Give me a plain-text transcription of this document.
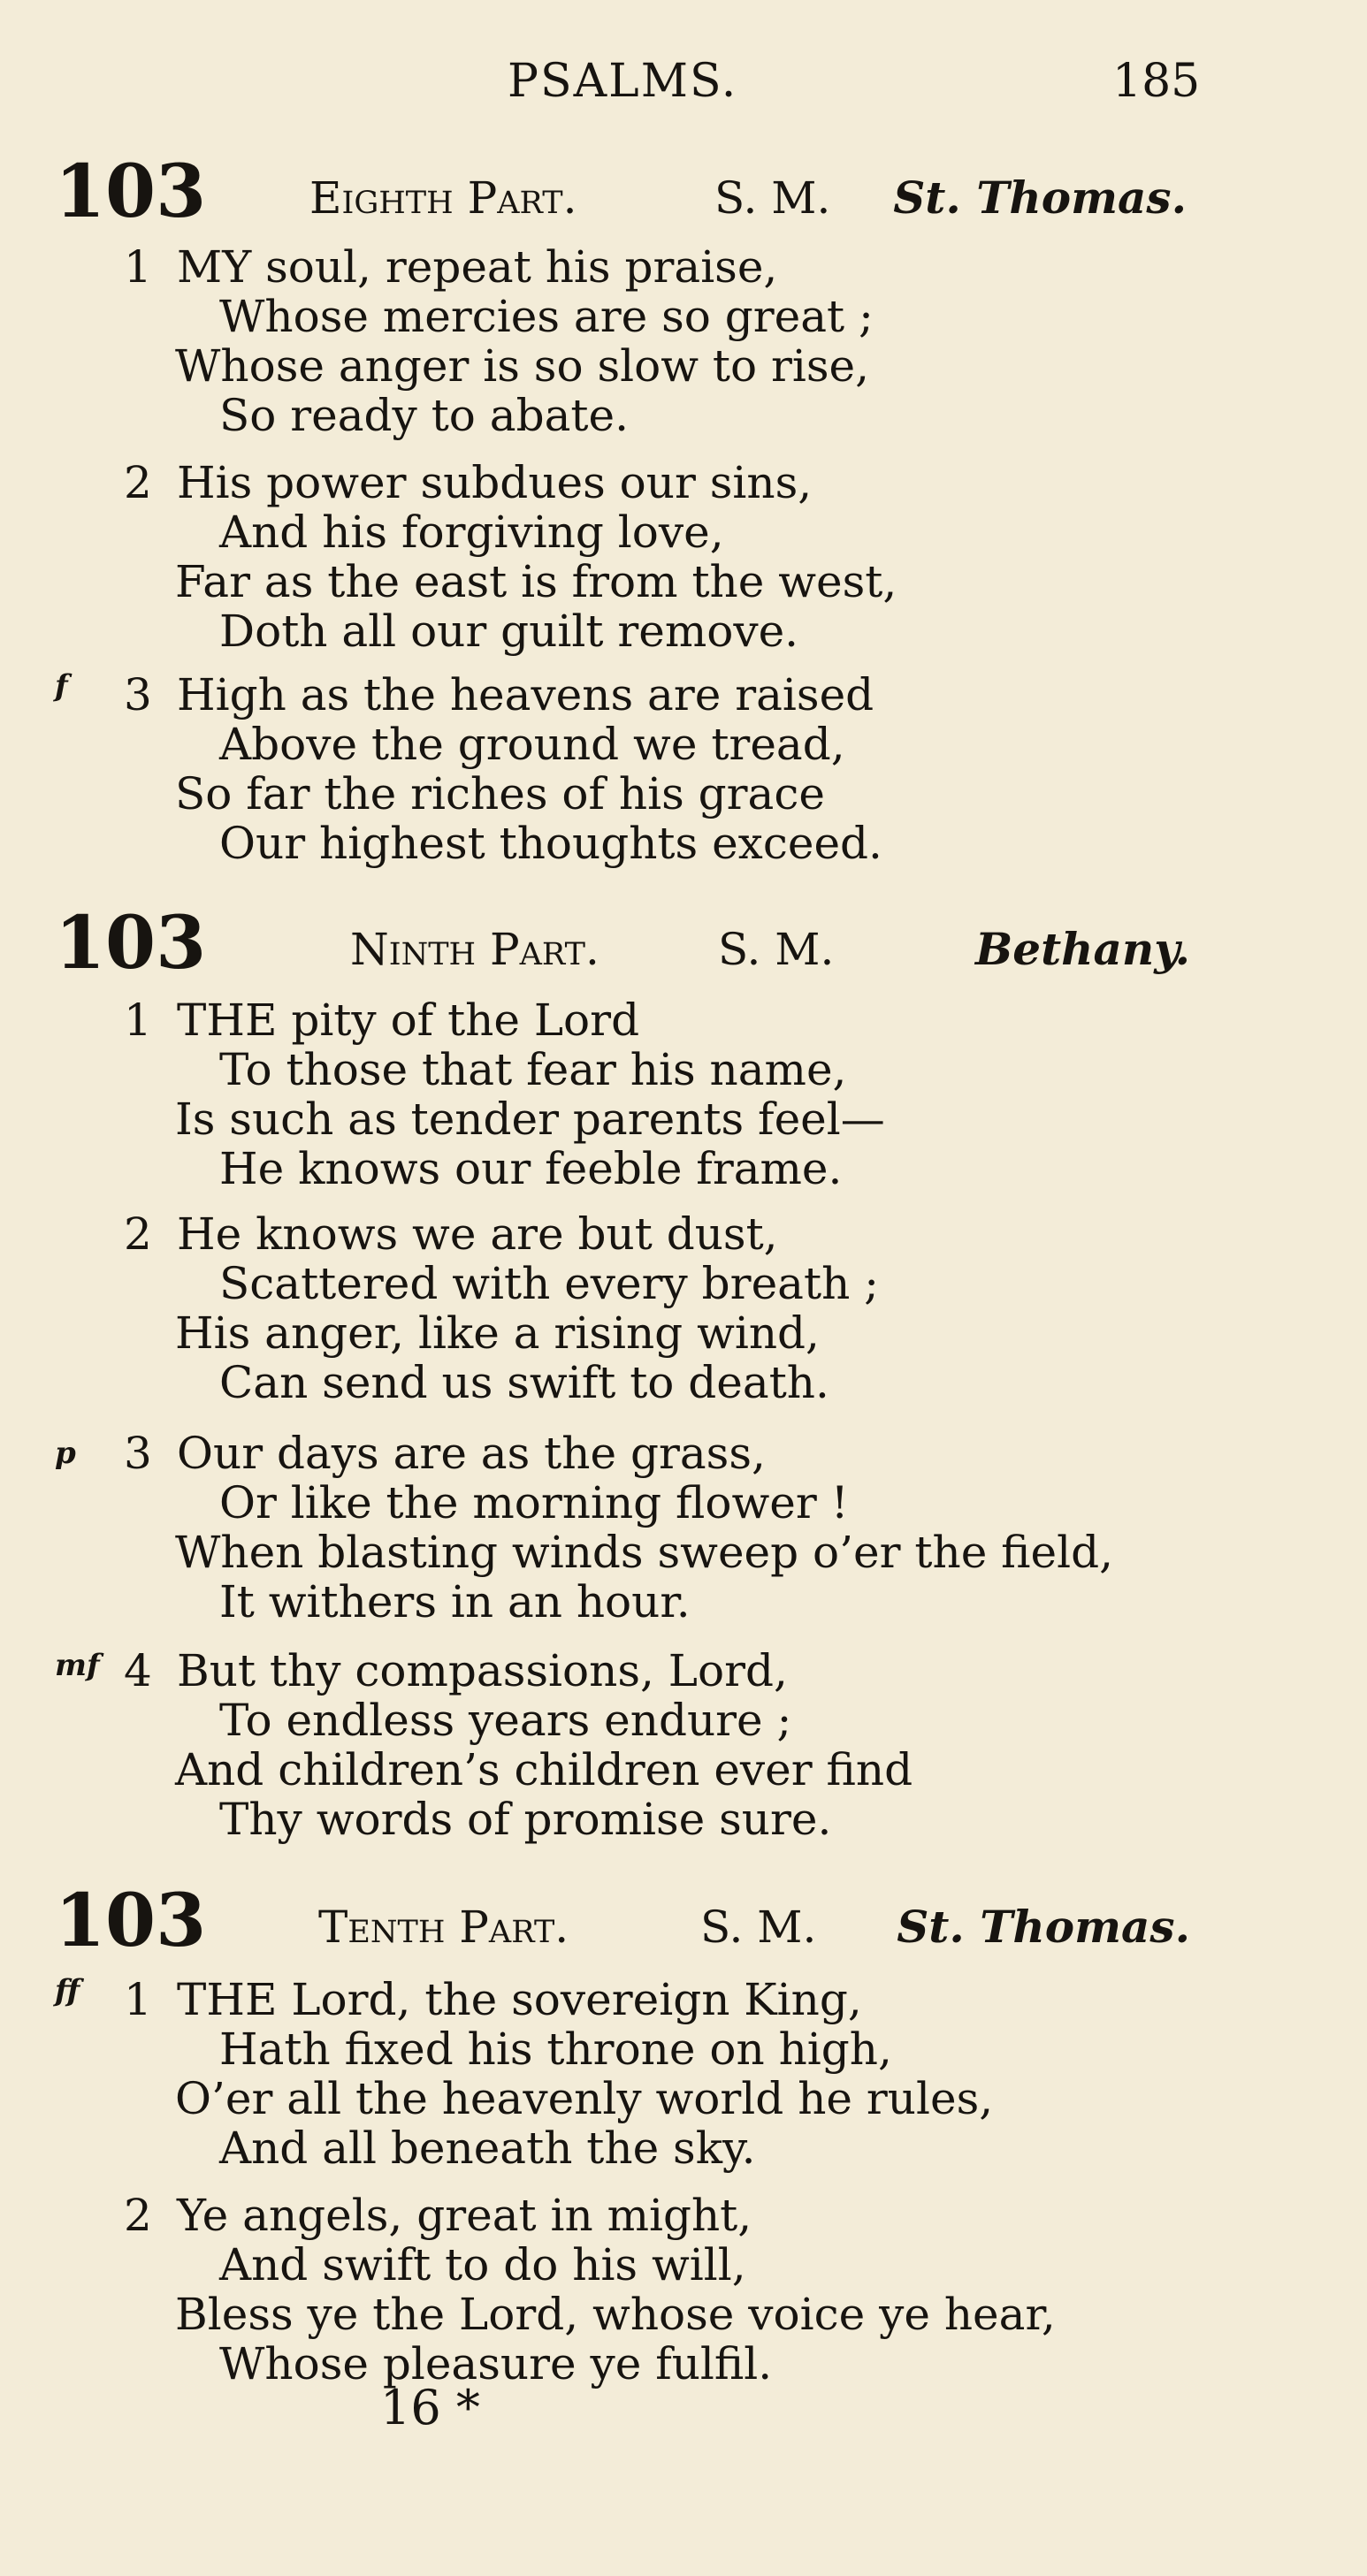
PSALMS.	185
103 Eighth Part.	S. M. St. Thomas.
1 MY soul, repeat his praise,
Whose mercies are so great ;
Whose anger is so slow to rise,
So ready to abate.
2 His power subdues our sins,
And his forgiving love,
Far as the east is from the west,
Doth all our guilt remove.
f 3 High as the heavens are raised
Above the ground we tread,
So far the riches of his grace
Our highest thoughts exceed.
103	Ninth Part.	S. M.	Bethany.
1 THE pity of the Lord
To those that fear his name,
Is such as tender parents feel—
He knows our feeble frame.
2 He knows we are but dust,
Scattered with every breath ;
His anger, like a rising wind,
Can send us swift to death.
p 3 Our days are as the grass,
Or like the morning flower !
When blasting winds sweep o’er the field,
It withers in an hour.
mf 4 But thy compassions, Lord,
To endless years endure ;
And children’s children ever find
Thy words of promise sure.
103	Tenth Part.	S. M.	St. Thomas.
ff 1 THE Lord, the sovereign King,
Hath fixed his throne on high,
O’er all the heavenly world he rules,
And all beneath the sky.
2 Ye angels, great in might,
And swift to do his will,
Bless ye the Lord, whose voice ye hear,
Whose pleasure ye fulfil.
16 *
